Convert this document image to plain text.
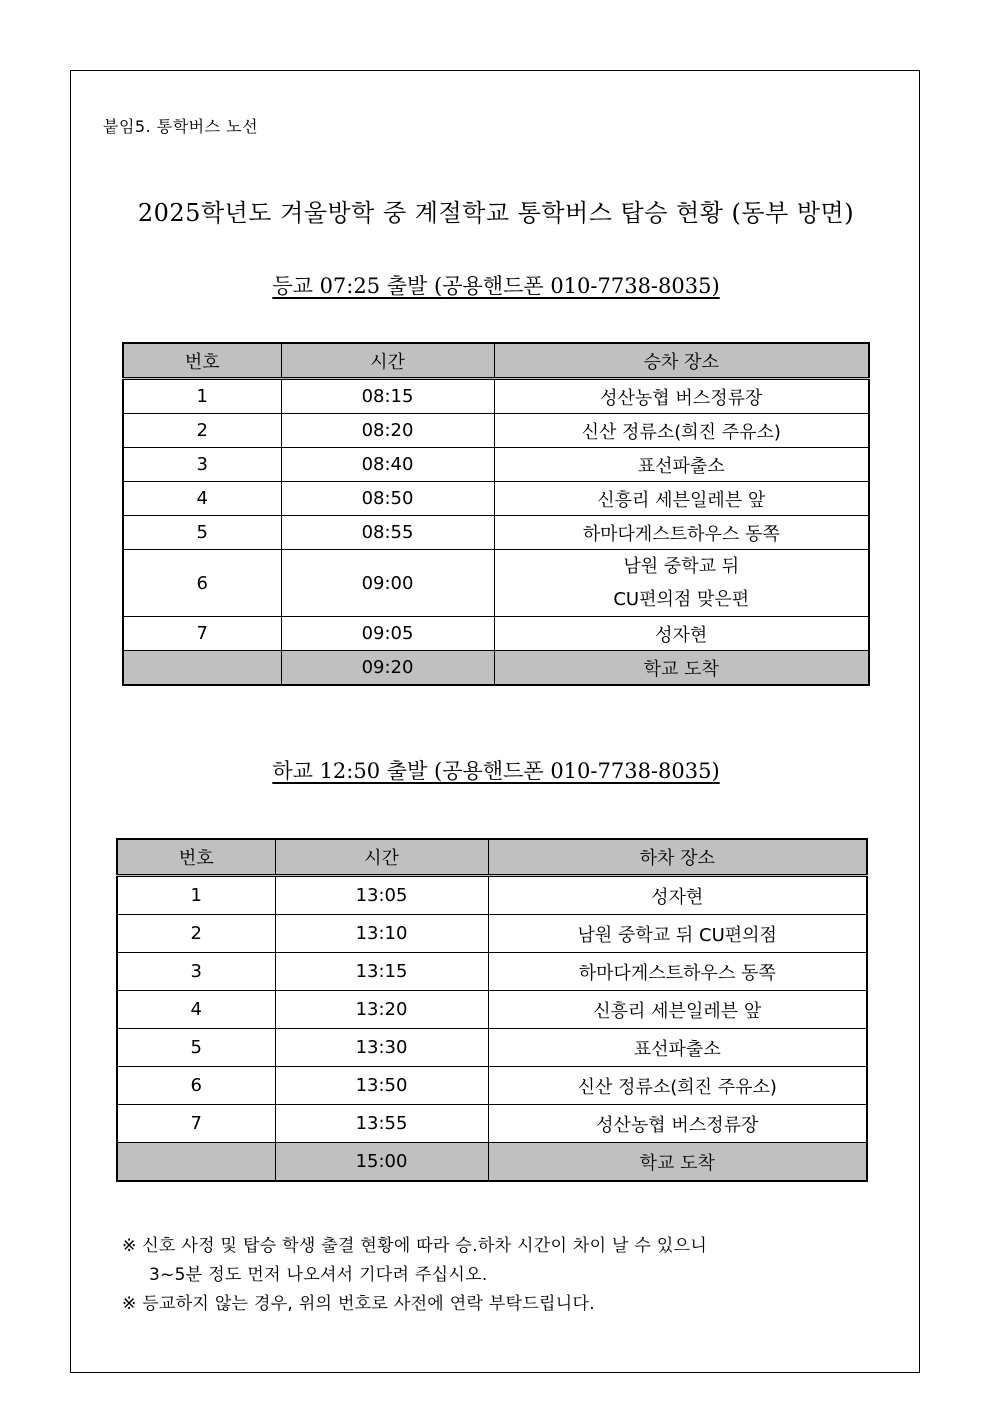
붙임5. 통학버스 노선
2025학년도 겨울방학 중 계절학교 통학버스 탑승 현황 (동부 방면)
등교 07:25 출발 (공용핸드폰 010-7738-8035)
번호	시간	승차 장소
1	08:15	성산농협 버스정류장

2	08:20	신산 정류소(희진 주유소)

3	08:40	표선파출소

4	08:50	신흥리 세븐일레븐 앞

5	08:55	하마다게스트하우스 동쪽

6	09:00	남원 중학교 뒤
CU편의점 맞은편

7	09:05	성자현

	09:20	학교 도착
하교 12:50 출발 (공용핸드폰 010-7738-8035)
번호	시간	하차 장소
1	13:05	성자현

2	13:10	남원 중학교 뒤 CU편의점

3	13:15	하마다게스트하우스 동쪽

4	13:20	신흥리 세븐일레븐 앞

5	13:30	표선파출소

6	13:50	신산 정류소(희진 주유소)

7	13:55	성산농협 버스정류장

	15:00	학교 도착
※ 신호 사정 및 탑승 학생 출결 현황에 따라 승.하차 시간이 차이 날 수 있으니
3~5분 정도 먼저 나오셔서 기다려 주십시오.
※ 등교하지 않는 경우, 위의 번호로 사전에 연락 부탁드립니다.
